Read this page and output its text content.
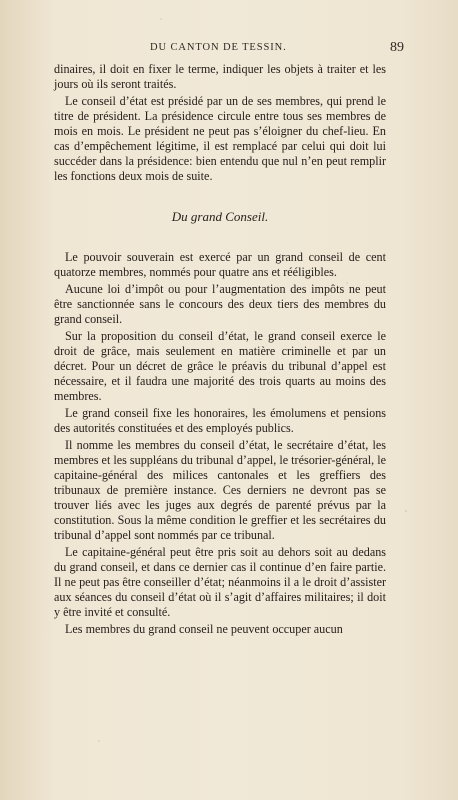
DU CANTON DE TESSIN.	89

dinaires, il doit en fixer le terme, indiquer les objets à traiter et les jours où ils seront traités.

Le conseil d’état est présidé par un de ses membres, qui prend le titre de président. La présidence circule entre tous ses membres de mois en mois. Le président ne peut pas s’éloigner du chef-lieu. En cas d’empêchement légitime, il est remplacé par celui qui doit lui succéder dans la présidence: bien entendu que nul n’en peut remplir les fonctions deux mois de suite.

Du grand Conseil.

Le pouvoir souverain est exercé par un grand conseil de cent quatorze membres, nommés pour quatre ans et rééligibles.

Aucune loi d’impôt ou pour l’augmentation des impôts ne peut être sanctionnée sans le concours des deux tiers des membres du grand conseil.

Sur la proposition du conseil d’état, le grand conseil exerce le droit de grâce, mais seulement en matière criminelle et par un décret. Pour un décret de grâce le préavis du tribunal d’appel est nécessaire, et il faudra une majorité des trois quarts au moins des membres.

Le grand conseil fixe les honoraires, les émolumens et pensions des autorités constituées et des employés publics.

Il nomme les membres du conseil d’état, le secrétaire d’état, les membres et les suppléans du tribunal d’appel, le trésorier-général, le capitaine-général des milices cantonales et les greffiers des tribunaux de première instance. Ces derniers ne devront pas se trouver liés avec les juges aux degrés de parenté prévus par la constitution. Sous la même condition le greffier et les secrétaires du tribunal d’appel sont nommés par ce tribunal.

Le capitaine-général peut être pris soit au dehors soit au dedans du grand conseil, et dans ce dernier cas il continue d’en faire partie. Il ne peut pas être conseiller d’état; néanmoins il a le droit d’assister aux séances du conseil d’état où il s’agit d’affaires militaires; il doit y être invité et consulté.

Les membres du grand conseil ne peuvent occuper aucun
